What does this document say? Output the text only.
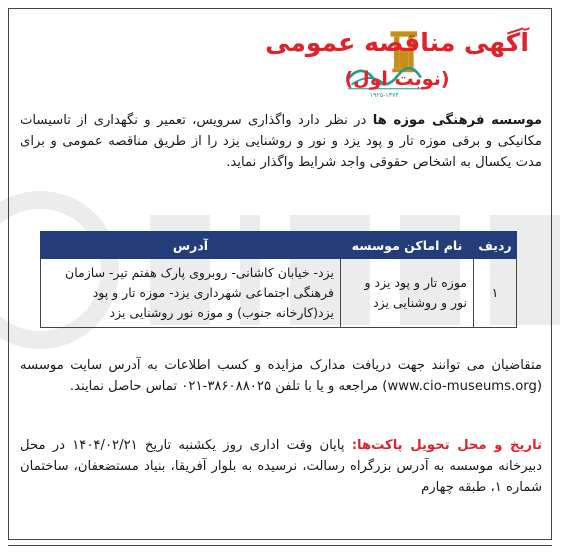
۱۹۲۵-۱۳۷۴
آگهی مناقصه عمومی
(نوبت اول)
موسسه فرهنگی موزه ها در نظر دارد واگذاری سرویس، تعمیر و نگهداری از تاسیسات مکانیکی و برقی موزه تار و پود یزد و نور و روشنایی یزد را از طریق مناقصه عمومی و برای مدت یکسال به اشخاص حقوقی واجد شرایط واگذار نماید.
ردیف	نام اماکن موسسه	آدرس
۱	موزه تار و پود یزد و نور و روشنایی یزد	یزد- خیابان کاشانی- روبروی پارک هفتم تیر- سازمان فرهنگی اجتماعی شهرداری یزد- موزه تار و پود یزد(کارخانه جنوب) و موزه نور روشنایی یزد
متقاضیان می توانند جهت دریافت مدارک مزایده و کسب اطلاعات به آدرس سایت موسسه (www.cio-museums.org) مراجعه و یا با تلفن ۳۸۶۰۸۸۰۲۵-۰۲۱ تماس حاصل نمایند.
تاریخ و محل تحویل پاکت‌ها: پایان وقت اداری روز یکشنبه تاریخ ۱۴۰۴/۰۲/۲۱ در محل دبیرخانه موسسه به آدرس بزرگراه رسالت، نرسیده به بلوار آفریقا، بنیاد مستضعفان، ساختمان شماره ۱، طبقه چهارم
